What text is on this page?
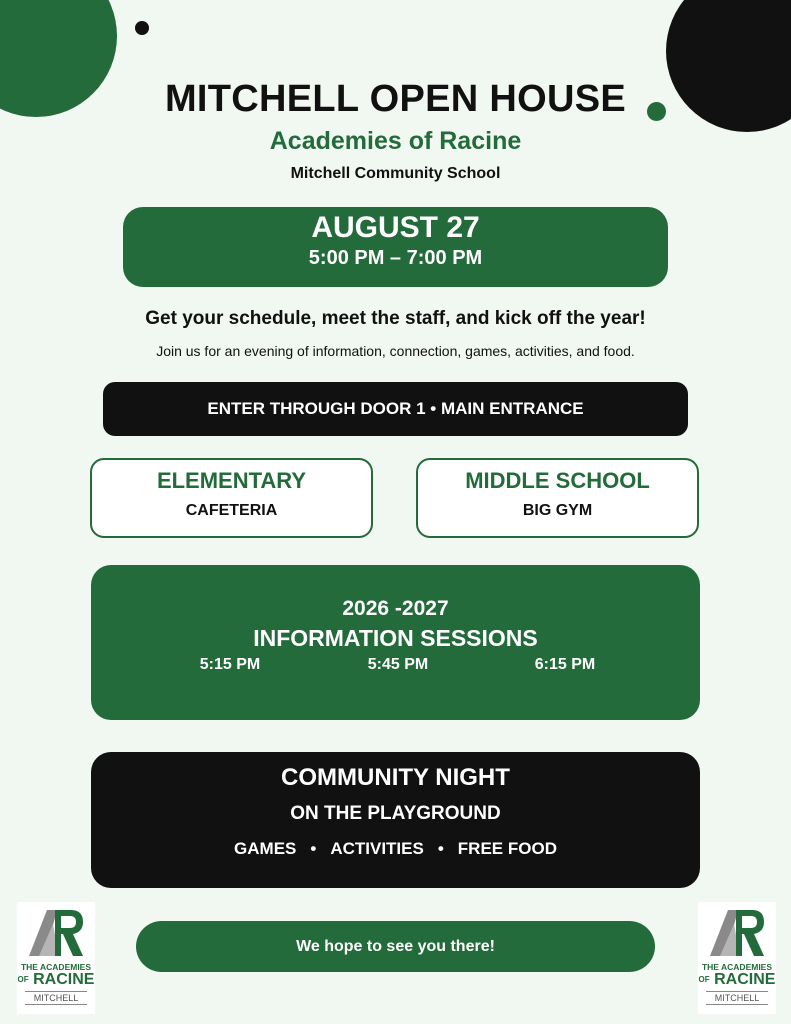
MITCHELL OPEN HOUSE
Academies of Racine
Mitchell Community School
AUGUST 27
5:00 PM – 7:00 PM
Get your schedule, meet the staff, and kick off the year!
Join us for an evening of information, connection, games, activities, and food.
ENTER THROUGH DOOR 1 • MAIN ENTRANCE
ELEMENTARY
CAFETERIA
MIDDLE SCHOOL
BIG GYM
2026 -2027
INFORMATION SESSIONS
5:15 PM	5:45 PM	6:15 PM
COMMUNITY NIGHT
ON THE PLAYGROUND
GAMES • ACTIVITIES • FREE FOOD
We hope to see you there!
THE ACADEMIES
OF RACINE
MITCHELL
THE ACADEMIES
OF RACINE
MITCHELL
